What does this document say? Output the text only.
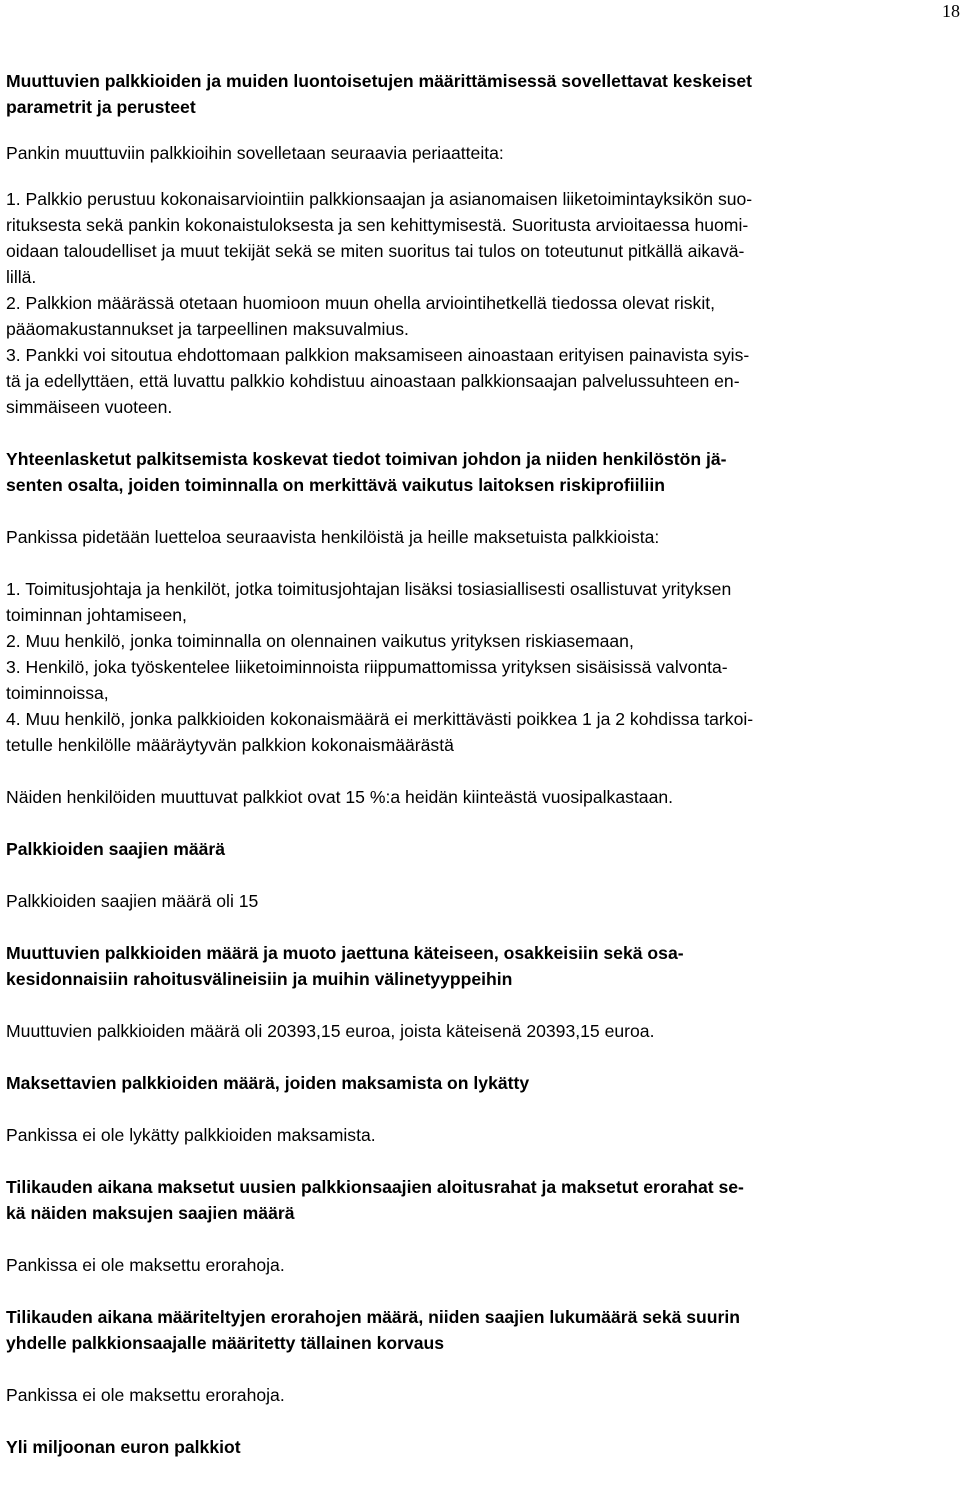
18
Muuttuvien palkkioiden ja muiden luontoisetujen määrittämisessä sovellettavat keskeiset
parametrit ja perusteet

Pankin muuttuviin palkkioihin sovelletaan seuraavia periaatteita:

1. Palkkio perustuu kokonaisarviointiin palkkionsaajan ja asianomaisen liiketoimintayksikön suo-
rituksesta sekä pankin kokonaistuloksesta ja sen kehittymisestä. Suoritusta arvioitaessa huomi-
oidaan taloudelliset ja muut tekijät sekä se miten suoritus tai tulos on toteutunut pitkällä aikavä-
lillä.
2. Palkkion määrässä otetaan huomioon muun ohella arviointihetkellä tiedossa olevat riskit,
pääomakustannukset ja tarpeellinen maksuvalmius.
3. Pankki voi sitoutua ehdottomaan palkkion maksamiseen ainoastaan erityisen painavista syis-
tä ja edellyttäen, että luvattu palkkio kohdistuu ainoastaan palkkionsaajan palvelussuhteen en-
simmäiseen vuoteen.
Yhteenlasketut palkitsemista koskevat tiedot toimivan johdon ja niiden henkilöstön jä-
senten osalta, joiden toiminnalla on merkittävä vaikutus laitoksen riskiprofiiliin

Pankissa pidetään luetteloa seuraavista henkilöistä ja heille maksetuista palkkioista:

1. Toimitusjohtaja ja henkilöt, jotka toimitusjohtajan lisäksi tosiasiallisesti osallistuvat yrityksen
toiminnan johtamiseen,
2. Muu henkilö, jonka toiminnalla on olennainen vaikutus yrityksen riskiasemaan,
3. Henkilö, joka työskentelee liiketoiminnoista riippumattomissa yrityksen sisäisissä valvonta-
toiminnoissa,
4. Muu henkilö, jonka palkkioiden kokonaismäärä ei merkittävästi poikkea 1 ja 2 kohdissa tarkoi-
tetulle henkilölle määräytyvän palkkion kokonaismäärästä

Näiden henkilöiden muuttuvat palkkiot ovat 15 %:a heidän kiinteästä vuosipalkastaan.

Palkkioiden saajien määrä

Palkkioiden saajien määrä oli 15

Muuttuvien palkkioiden määrä ja muoto jaettuna käteiseen, osakkeisiin sekä osa-
kesidonnaisiin rahoitusvälineisiin ja muihin välinetyyppeihin

Muuttuvien palkkioiden määrä oli 20393,15 euroa, joista käteisenä 20393,15 euroa.

Maksettavien palkkioiden määrä, joiden maksamista on lykätty

Pankissa ei ole lykätty palkkioiden maksamista.

Tilikauden aikana maksetut uusien palkkionsaajien aloitusrahat ja maksetut erorahat se-
kä näiden maksujen saajien määrä

Pankissa ei ole maksettu erorahoja.

Tilikauden aikana määriteltyjen erorahojen määrä, niiden saajien lukumäärä sekä suurin
yhdelle palkkionsaajalle määritetty tällainen korvaus

Pankissa ei ole maksettu erorahoja.

Yli miljoonan euron palkkiot
